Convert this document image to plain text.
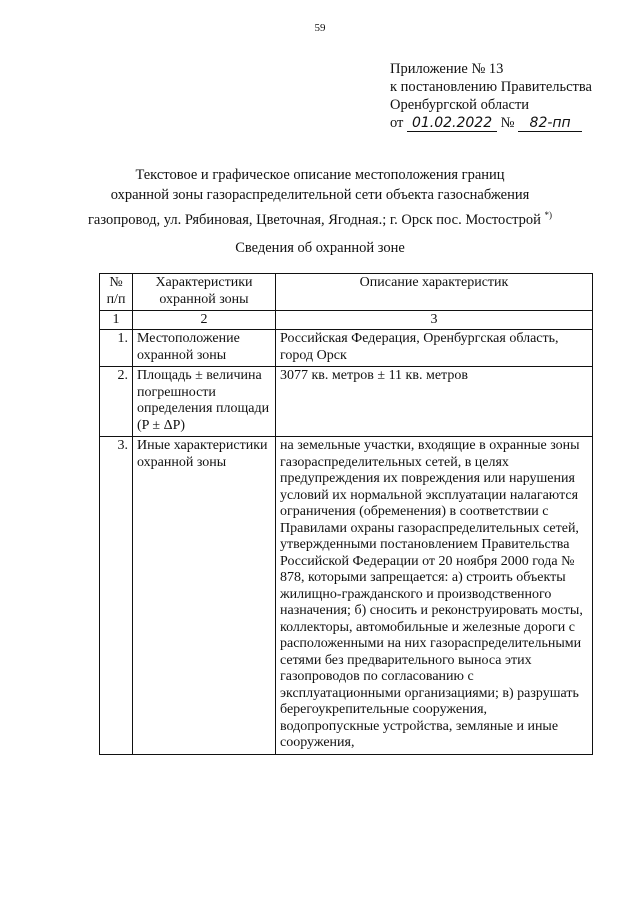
59
Приложение № 13
к постановлению Правительства
Оренбургской области
от 01.02.2022 № 82-пп
Текстовое и графическое описание местоположения границ
охранной зоны газораспределительной сети объекта газоснабжения
газопровод, ул. Рябиновая, Цветочная, Ягодная.; г. Орск пос. Мостострой *)
Сведения об охранной зоне
№ п/п	Характеристики охранной зоны	Описание характеристик
1	2	3
1.	Местоположение охранной зоны	Российская Федерация, Оренбургская область, город Орск
2.	Площадь ± величина погрешности определения площади (P ± ΔP)	3077 кв. метров ± 11 кв. метров
3.	Иные характеристики охранной зоны	на земельные участки, входящие в охранные зоны газораспределительных сетей, в целях предупреждения их повреждения или нарушения условий их нормальной эксплуатации налагаются ограничения (обременения) в соответствии с Правилами охраны газораспределительных сетей, утвержденными постановлением Правительства Российской Федерации от 20 ноября 2000 года № 878, которыми запрещается: а) строить объекты жилищно-гражданского и производственного назначения; б) сносить и реконструировать мосты, коллекторы, автомобильные и железные дороги с расположенными на них газораспределительными сетями без предварительного выноса этих газопроводов по согласованию с эксплуатационными организациями; в) разрушать берегоукрепительные сооружения, водопропускные устройства, земляные и иные сооружения,
